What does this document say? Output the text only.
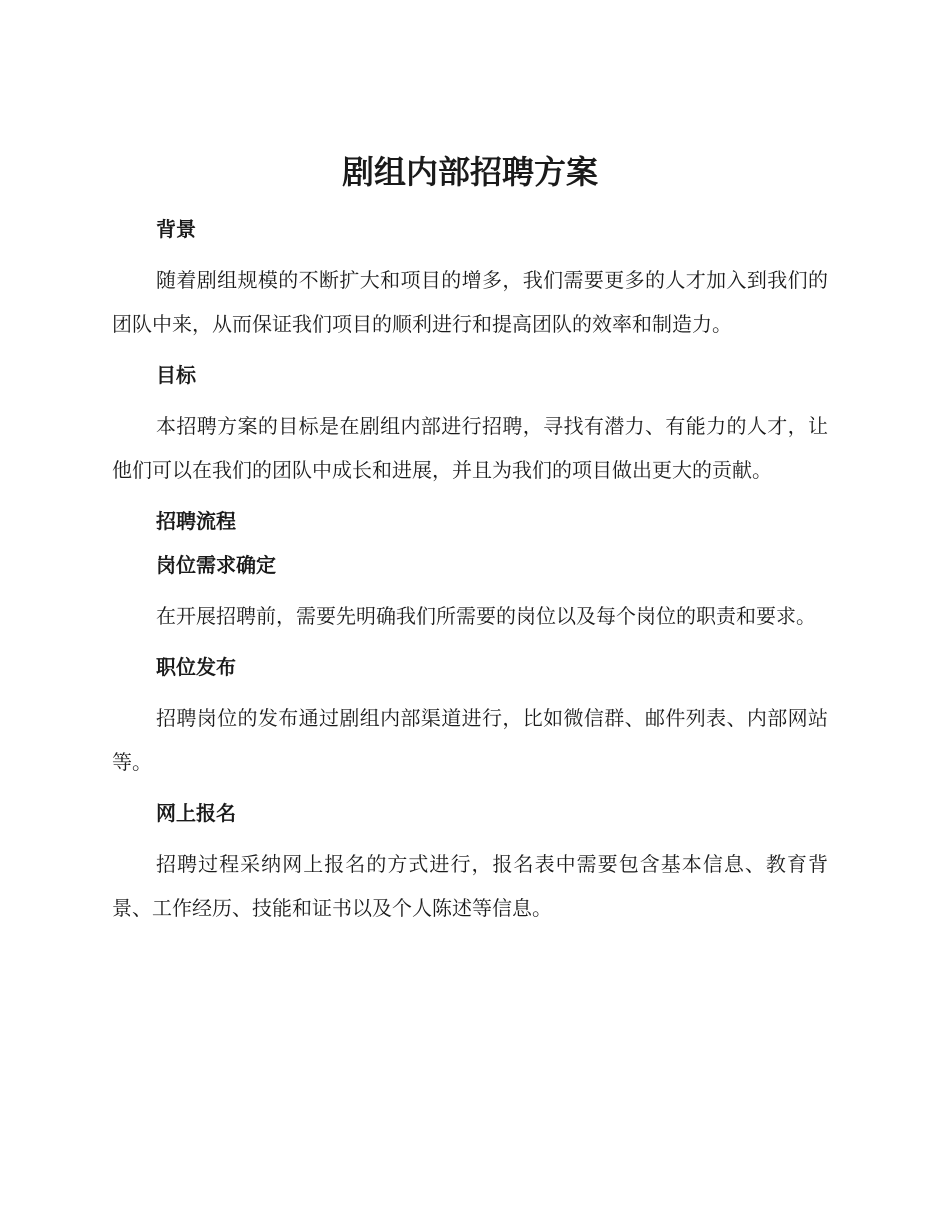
剧组内部招聘方案
背景

随着剧组规模的不断扩大和项目的增多，我们需要更多的人才加入到我们的团队中来，从而保证我们项目的顺利进行和提高团队的效率和制造力。

目标

本招聘方案的目标是在剧组内部进行招聘，寻找有潜力、有能力的人才，让他们可以在我们的团队中成长和进展，并且为我们的项目做出更大的贡献。

招聘流程
岗位需求确定

在开展招聘前，需要先明确我们所需要的岗位以及每个岗位的职责和要求。

职位发布

招聘岗位的发布通过剧组内部渠道进行，比如微信群、邮件列表、内部网站等。

网上报名

招聘过程采纳网上报名的方式进行，报名表中需要包含基本信息、教育背景、工作经历、技能和证书以及个人陈述等信息。
